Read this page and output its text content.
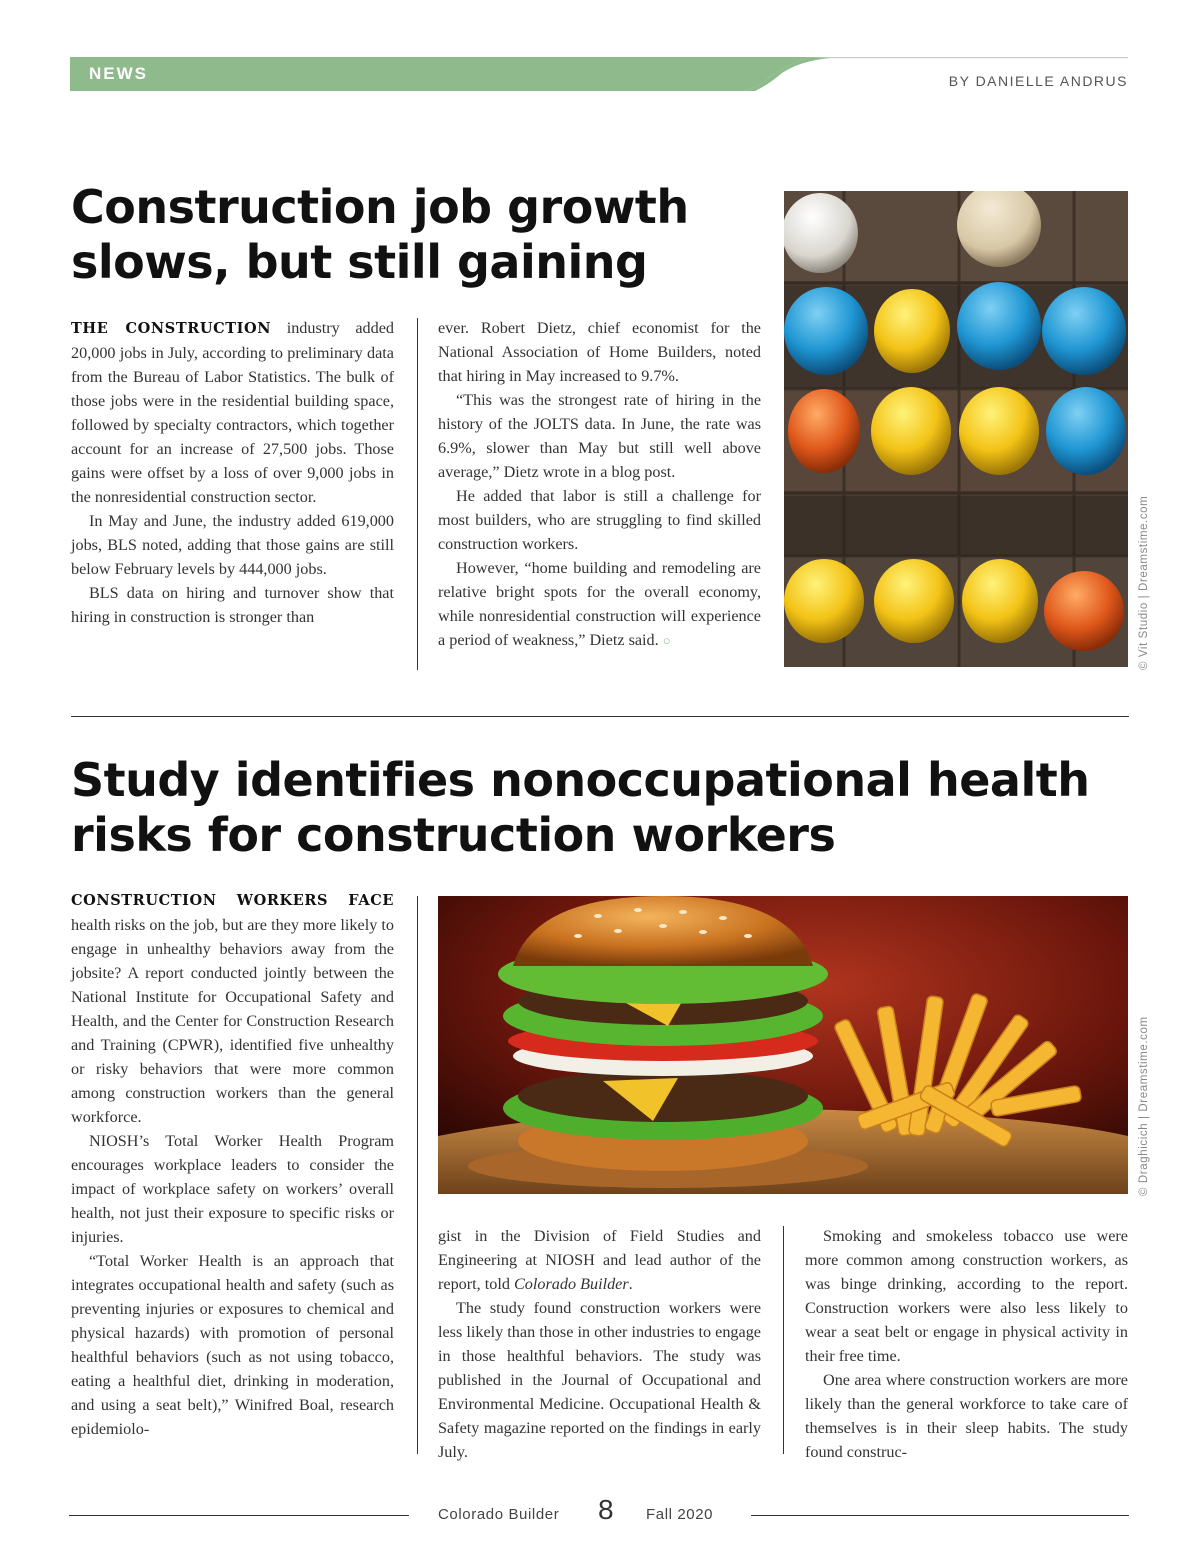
NEWS	BY DANIELLE ANDRUS
Construction job growth slows, but still gaining

THE CONSTRUCTION industry added 20,000 jobs in July, according to preliminary data from the Bureau of Labor Statistics. The bulk of those jobs were in the residential building space, followed by specialty contractors, which together account for an increase of 27,500 jobs. Those gains were offset by a loss of over 9,000 jobs in the nonresidential construction sector.

In May and June, the industry added 619,000 jobs, BLS noted, adding that those gains are still below February levels by 444,000 jobs.

BLS data on hiring and turnover show that hiring in construction is stronger than

ever. Robert Dietz, chief economist for the National Association of Home Builders, noted that hiring in May increased to 9.7%.

“This was the strongest rate of hiring in the history of the JOLTS data. In June, the rate was 6.9%, slower than May but still well above average,” Dietz wrote in a blog post.

He added that labor is still a challenge for most builders, who are struggling to find skilled construction workers.

However, “home building and remodeling are relative bright spots for the overall economy, while nonresidential construction will experience a period of weakness,” Dietz said. ○	© Vit Studio | Dreamstime.com
Study identifies nonoccupational health risks for construction workers

CONSTRUCTION WORKERS FACE
health risks on the job, but are they more likely to engage in unhealthy behaviors away from the jobsite? A report conducted jointly between the National Institute for Occupational Safety and Health, and the Center for Construction Research and Training (CPWR), identified five unhealthy or risky behaviors that were more common among construction workers than the general workforce.

NIOSH’s Total Worker Health Program encourages workplace leaders to consider the impact of workplace safety on workers’ overall health, not just their exposure to specific risks or injuries.

“Total Worker Health is an approach that integrates occupational health and safety (such as preventing injuries or exposures to chemical and physical hazards) with promotion of personal healthful behaviors (such as not using tobacco, eating a healthful diet, drinking in moderation, and using a seat belt),” Winifred Boal, research epidemiolo-

© Draghicich | Dreamstime.com

gist in the Division of Field Studies and Engineering at NIOSH and lead author of the report, told Colorado Builder.

The study found construction workers were less likely than those in other industries to engage in those healthful behaviors. The study was published in the Journal of Occupational and Environmental Medicine. Occupational Health & Safety magazine reported on the findings in early July.

Smoking and smokeless tobacco use were more common among construction workers, as was binge drinking, according to the report. Construction workers were also less likely to wear a seat belt or engage in physical activity in their free time.

One area where construction workers are more likely than the general workforce to take care of themselves is in their sleep habits. The study found construc-

Colorado Builder 8 Fall 2020
